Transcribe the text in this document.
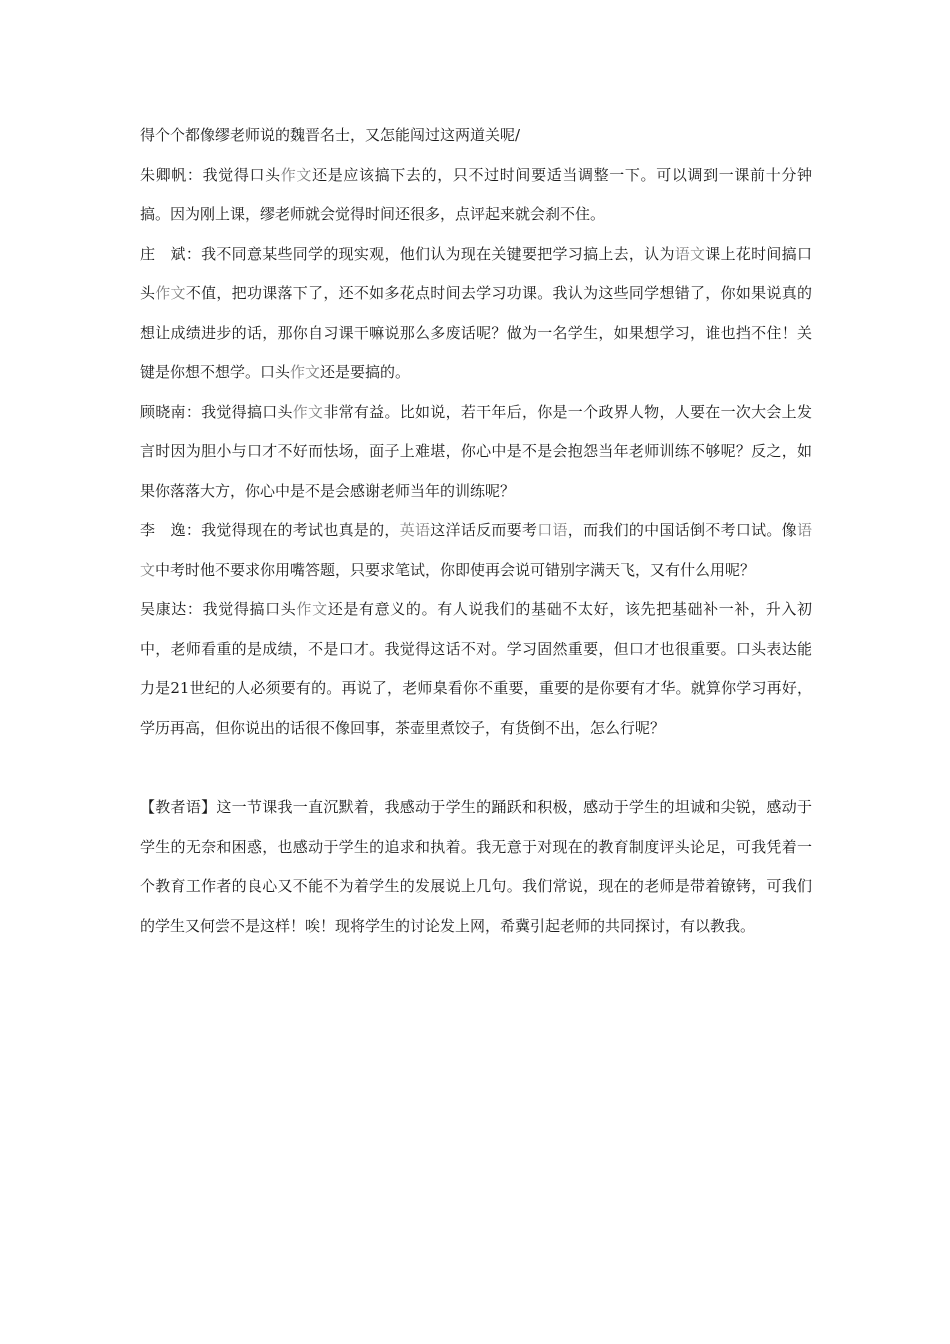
得个个都像缪老师说的魏晋名士，又怎能闯过这两道关呢/

朱卿帆：我觉得口头作文还是应该搞下去的，只不过时间要适当调整一下。可以调到一课前十分钟搞。因为刚上课，缪老师就会觉得时间还很多，点评起来就会刹不住。

庄　斌：我不同意某些同学的现实观，他们认为现在关键要把学习搞上去，认为语文课上花时间搞口头作文不值，把功课落下了，还不如多花点时间去学习功课。我认为这些同学想错了，你如果说真的想让成绩进步的话，那你自习课干嘛说那么多废话呢？做为一名学生，如果想学习，谁也挡不住！关键是你想不想学。口头作文还是要搞的。

顾晓南：我觉得搞口头作文非常有益。比如说，若干年后，你是一个政界人物，人要在一次大会上发言时因为胆小与口才不好而怯场，面子上难堪，你心中是不是会抱怨当年老师训练不够呢？反之，如果你落落大方，你心中是不是会感谢老师当年的训练呢？

李　逸：我觉得现在的考试也真是的，英语这洋话反而要考口语，而我们的中国话倒不考口试。像语文中考时他不要求你用嘴答题，只要求笔试，你即使再会说可错别字满天飞，又有什么用呢？

吴康达：我觉得搞口头作文还是有意义的。有人说我们的基础不太好，该先把基础补一补，升入初中，老师看重的是成绩，不是口才。我觉得这话不对。学习固然重要，但口才也很重要。口头表达能力是21世纪的人必须要有的。再说了，老师臬看你不重要，重要的是你要有才华。就算你学习再好，学历再高，但你说出的话很不像回事，茶壶里煮饺子，有货倒不出，怎么行呢？

【教者语】这一节课我一直沉默着，我感动于学生的踊跃和积极，感动于学生的坦诚和尖锐，感动于学生的无奈和困惑，也感动于学生的追求和执着。我无意于对现在的教育制度评头论足，可我凭着一个教育工作者的良心又不能不为着学生的发展说上几句。我们常说，现在的老师是带着镣铐，可我们的学生又何尝不是这样！唉！现将学生的讨论发上网，希冀引起老师的共同探讨，有以教我。
